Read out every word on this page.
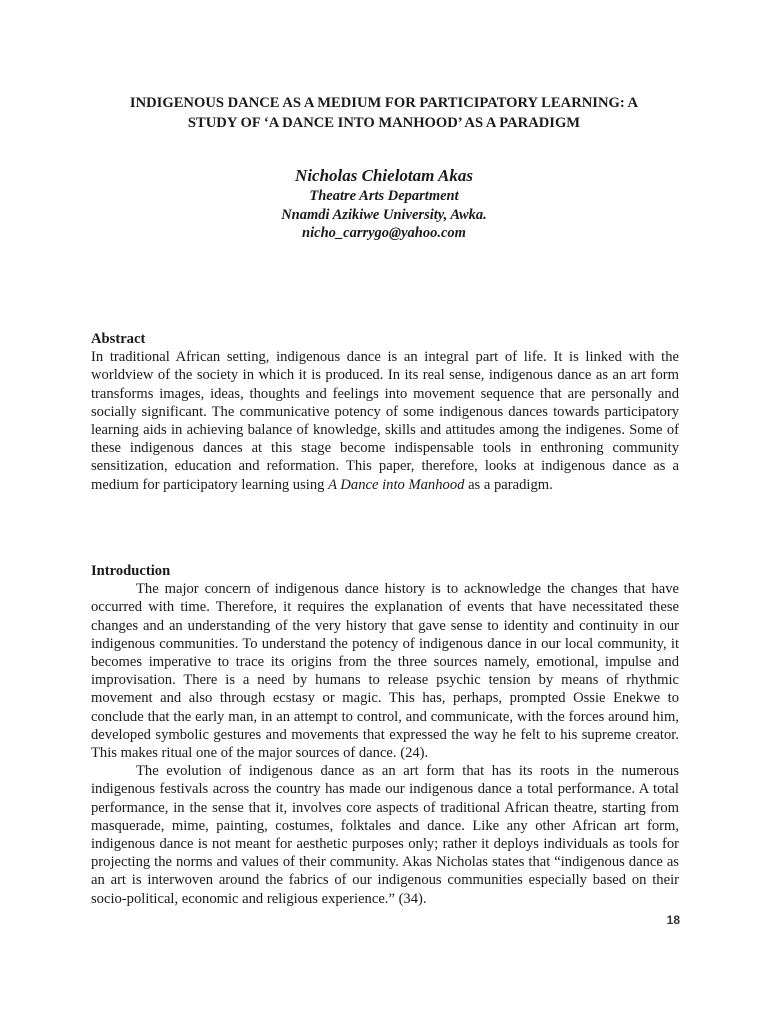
INDIGENOUS DANCE AS A MEDIUM FOR PARTICIPATORY LEARNING: A
STUDY OF ‘A DANCE INTO MANHOOD’ AS A PARADIGM
Nicholas Chielotam Akas
Theatre Arts Department
Nnamdi Azikiwe University, Awka.
nicho_carrygo@yahoo.com
Abstract

In traditional African setting, indigenous dance is an integral part of life. It is linked with the worldview of the society in which it is produced. In its real sense, indigenous dance as an art form transforms images, ideas, thoughts and feelings into movement sequence that are personally and socially significant. The communicative potency of some indigenous dances towards participatory learning aids in achieving balance of knowledge, skills and attitudes among the indigenes. Some of these indigenous dances at this stage become indispensable tools in enthroning community sensitization, education and reformation. This paper, therefore, looks at indigenous dance as a medium for participatory learning using A Dance into Manhood as a paradigm.

Introduction

The major concern of indigenous dance history is to acknowledge the changes that have occurred with time. Therefore, it requires the explanation of events that have necessitated these changes and an understanding of the very history that gave sense to identity and continuity in our indigenous communities. To understand the potency of indigenous dance in our local community, it becomes imperative to trace its origins from the three sources namely, emotional, impulse and improvisation. There is a need by humans to release psychic tension by means of rhythmic movement and also through ecstasy or magic. This has, perhaps, prompted Ossie Enekwe to conclude that the early man, in an attempt to control, and communicate, with the forces around him, developed symbolic gestures and movements that expressed the way he felt to his supreme creator. This makes ritual one of the major sources of dance. (24).

The evolution of indigenous dance as an art form that has its roots in the numerous indigenous festivals across the country has made our indigenous dance a total performance. A total performance, in the sense that it, involves core aspects of traditional African theatre, starting from masquerade, mime, painting, costumes, folktales and dance. Like any other African art form, indigenous dance is not meant for aesthetic purposes only; rather it deploys individuals as tools for projecting the norms and values of their community. Akas Nicholas states that “indigenous dance as an art is interwoven around the fabrics of our indigenous communities especially based on their socio-political, economic and religious experience.” (34).

18
